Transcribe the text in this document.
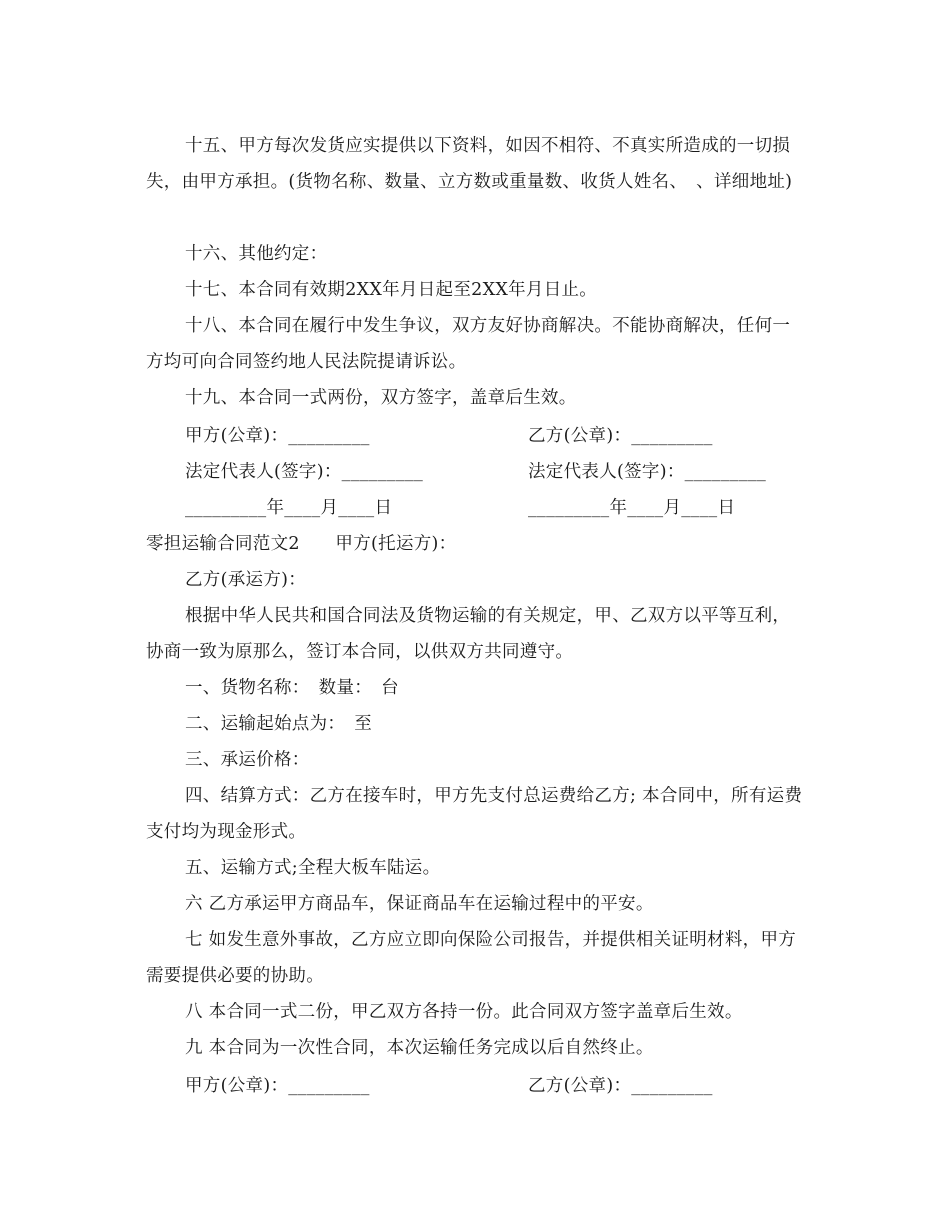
十五、甲方每次发货应实提供以下资料，如因不相符、不真实所造成的一切损失，由甲方承担。(货物名称、数量、立方数或重量数、收货人姓名、　、详细地址)

十六、其他约定：

十七、本合同有效期2XX年月日起至2XX年月日止。

十八、本合同在履行中发生争议，双方友好协商解决。不能协商解决，任何一方均可向合同签约地人民法院提请诉讼。

十九、本合同一式两份，双方签字，盖章后生效。

甲方(公章)：_________	乙方(公章)：_________

法定代表人(签字)：_________	法定代表人(签字)：_________

_________年____月____日	_________年____月____日

零担运输合同范文2　　甲方(托运方)：

乙方(承运方)：

根据中华人民共和国合同法及货物运输的有关规定，甲、乙双方以平等互利，协商一致为原那么，签订本合同，以供双方共同遵守。

一、货物名称：　数量：　台

二、运输起始点为：　至

三、承运价格：

四、结算方式：乙方在接车时，甲方先支付总运费给乙方; 本合同中，所有运费支付均为现金形式。

五、运输方式;全程大板车陆运。

六 乙方承运甲方商品车，保证商品车在运输过程中的平安。

七 如发生意外事故，乙方应立即向保险公司报告，并提供相关证明材料，甲方需要提供必要的协助。

八 本合同一式二份，甲乙双方各持一份。此合同双方签字盖章后生效。

九 本合同为一次性合同，本次运输任务完成以后自然终止。

甲方(公章)：_________	乙方(公章)：_________
